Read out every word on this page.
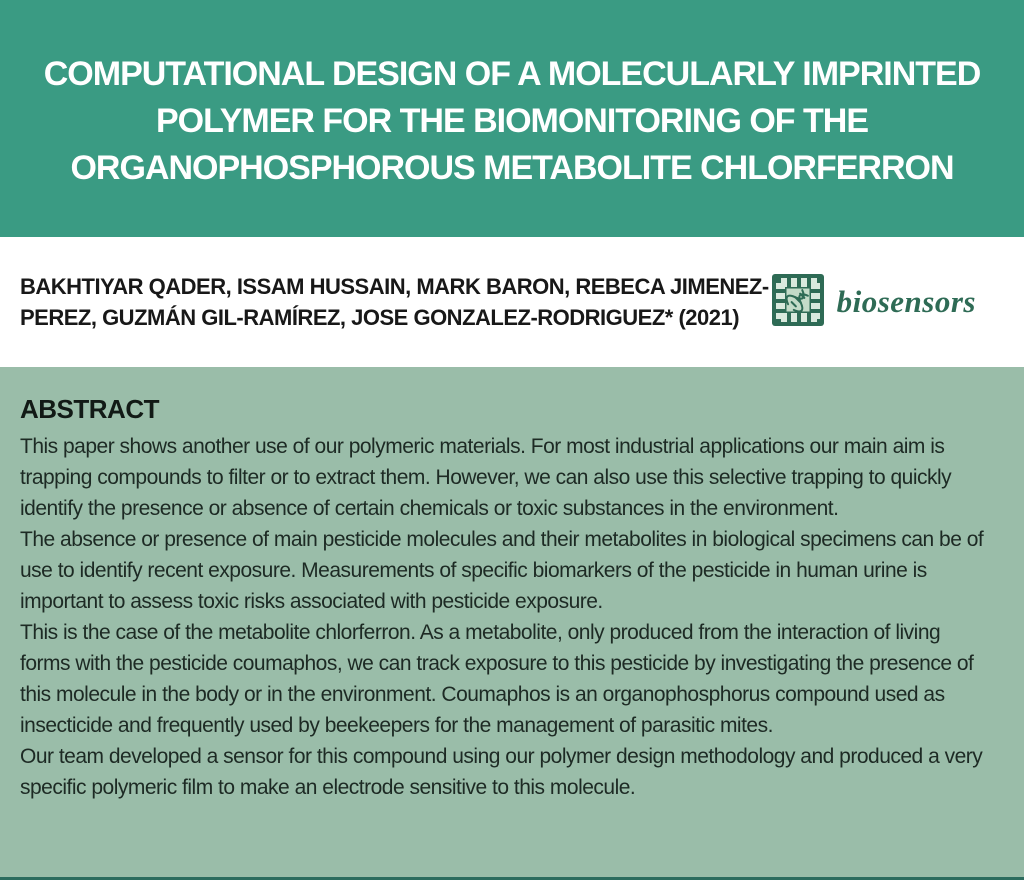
COMPUTATIONAL DESIGN OF A MOLECULARLY IMPRINTED
POLYMER FOR THE BIOMONITORING OF THE
ORGANOPHOSPHOROUS METABOLITE CHLORFERRON
BAKHTIYAR QADER, ISSAM HUSSAIN, MARK BARON, REBECA JIMENEZ-
PEREZ, GUZMÁN GIL-RAMÍREZ, JOSE GONZALEZ-RODRIGUEZ* (2021)	biosensors
ABSTRACT

This paper shows another use of our polymeric materials. For most industrial applications our main aim is trapping compounds to filter or to extract them. However, we can also use this selective trapping to quickly identify the presence or absence of certain chemicals or toxic substances in the environment.

The absence or presence of main pesticide molecules and their metabolites in biological specimens can be of use to identify recent exposure. Measurements of specific biomarkers of the pesticide in human urine is important to assess toxic risks associated with pesticide exposure.

This is the case of the metabolite chlorferron. As a metabolite, only produced from the interaction of living forms with the pesticide coumaphos, we can track exposure to this pesticide by investigating the presence of this molecule in the body or in the environment. Coumaphos is an organophosphorus compound used as insecticide and frequently used by beekeepers for the management of parasitic mites.

Our team developed a sensor for this compound using our polymer design methodology and produced a very specific polymeric film to make an electrode sensitive to this molecule.
